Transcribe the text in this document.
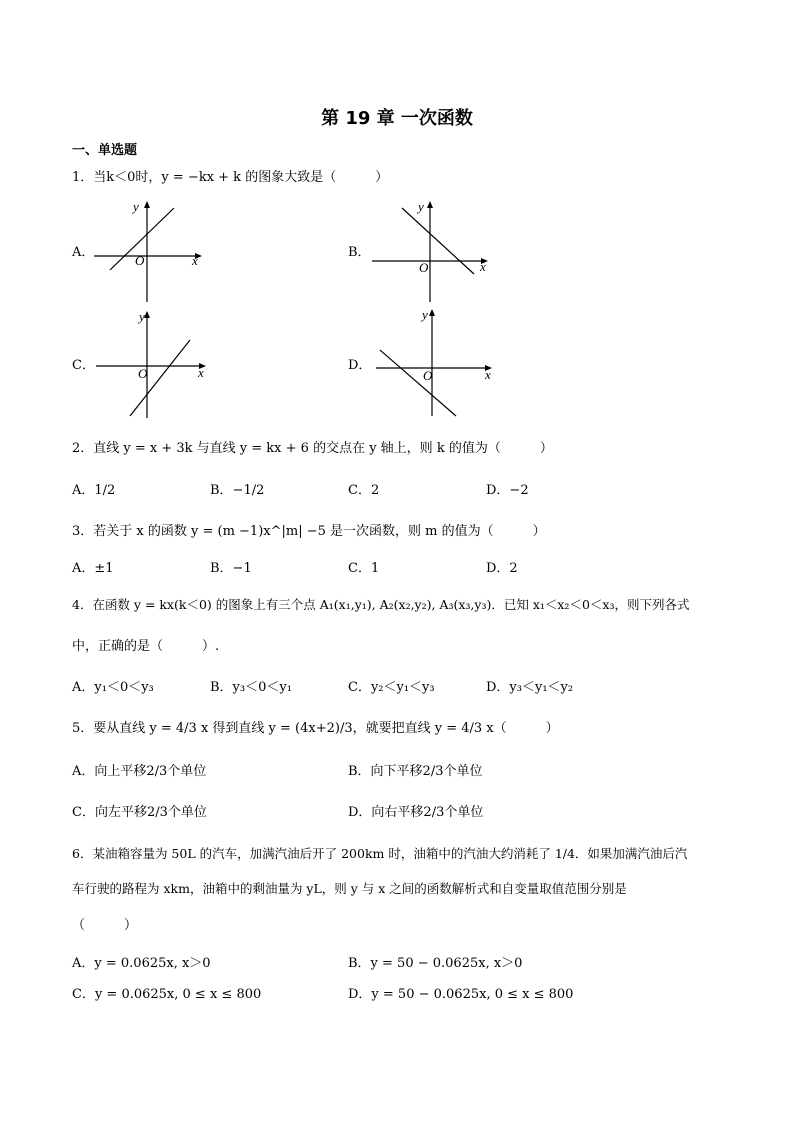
第 19 章 一次函数
一、单选题
1．当k＜0时，y = −kx + k 的图象大致是（　　　）
A．
y
x
O
B．
y
x
O
C．
y
x
O
D．
y
x
O
2．直线 y = x + 3k 与直线 y = kx + 6 的交点在 y 轴上，则 k 的值为（　　　）
A．1/2	B．−1/2	C．2	D．−2
3．若关于 x 的函数 y = (m −1)x^|m| −5 是一次函数，则 m 的值为（　　　）
A．±1	B．−1	C．1	D．2
4．在函数 y = kx(k＜0) 的图象上有三个点 A₁(x₁,y₁), A₂(x₂,y₂), A₃(x₃,y₃)．已知 x₁＜x₂＜0＜x₃，则下列各式
中，正确的是（　　　）.
A．y₁＜0＜y₃	B．y₃＜0＜y₁	C．y₂＜y₁＜y₃	D．y₃＜y₁＜y₂
5．要从直线 y = 4/3 x 得到直线 y = (4x+2)/3，就要把直线 y = 4/3 x（　　　）
A．向上平移2/3个单位	B．向下平移2/3个单位
C．向左平移2/3个单位	D．向右平移2/3个单位
6．某油箱容量为 50L 的汽车，加满汽油后开了 200km 时，油箱中的汽油大约消耗了 1/4．如果加满汽油后汽
车行驶的路程为 xkm，油箱中的剩油量为 yL，则 y 与 x 之间的函数解析式和自变量取值范围分别是
（　　　）
A．y = 0.0625x, x＞0	B．y = 50 − 0.0625x, x＞0
C．y = 0.0625x, 0 ≤ x ≤ 800	D．y = 50 − 0.0625x, 0 ≤ x ≤ 800
